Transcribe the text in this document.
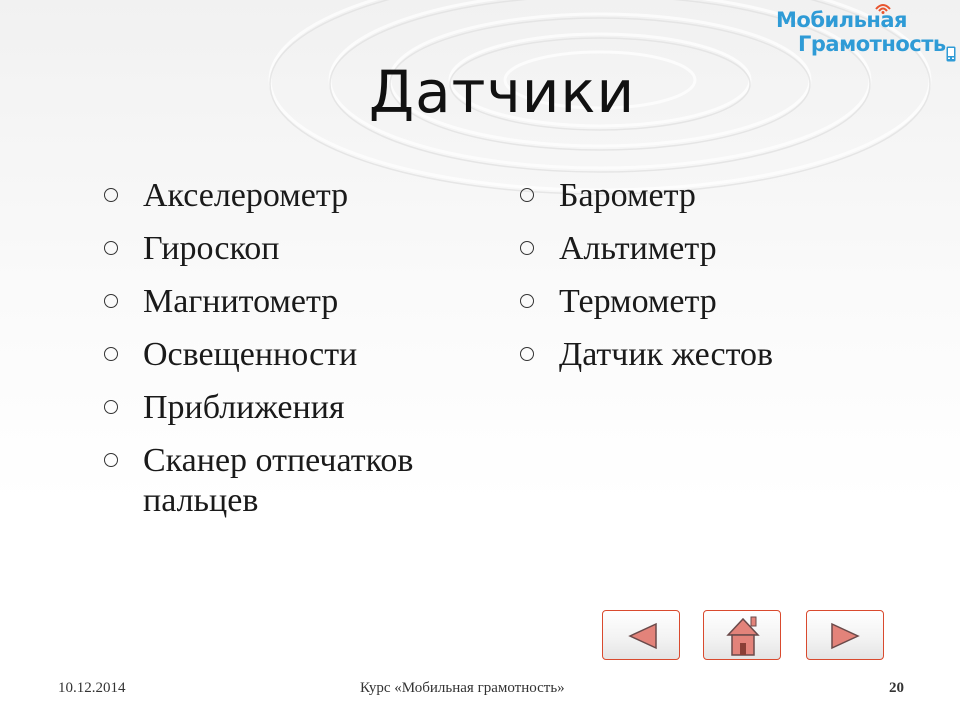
Мобильная
Грамотность
Датчики
Акселерометр
Гироскоп
Магнитометр
Освещенности
Приближения
Сканер отпечатков пальцев
Барометр
Альтиметр
Термометр
Датчик жестов
10.12.2014	Курс «Мобильная грамотность»	20
